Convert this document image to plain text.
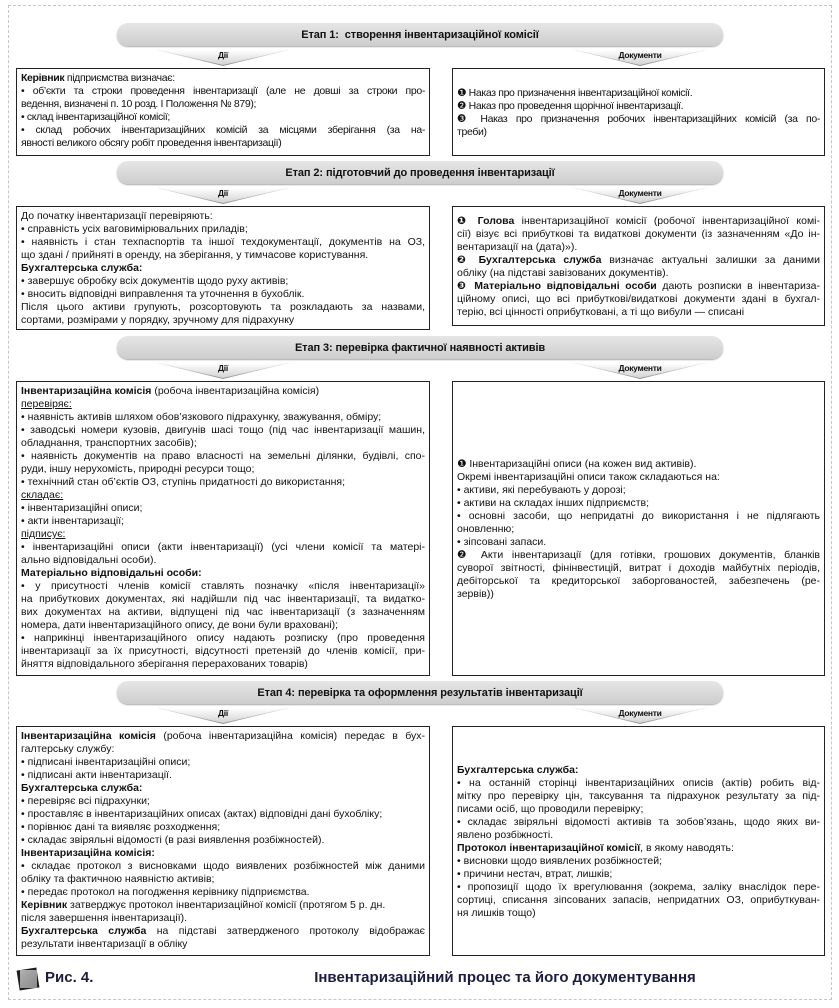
Етап 1:  створення інвентаризаційної комісії
Дії	Документи
Керівник підприємства визначає:
• об’єкти та строки проведення інвентаризації (але не довші за строки про-
ведення, визначені п. 10 розд. І Положення № 879);
• склад інвентаризаційної комісії;
• склад робочих інвентаризаційних комісій за місцями зберігання (за на-
явності великого обсягу робіт проведення інвентаризації)
❶ Наказ про призначення інвентаризаційної комісії.
❷ Наказ про проведення щорічної інвентаризації.
❸ Наказ про призначення робочих інвентаризаційних комісій (за по-
треби)
Етап 2: підготовчий до проведення інвентаризації
Дії	Документи
До початку інвентаризації перевіряють:
• справність усіх ваговимірювальних приладів;
• наявність і стан техпаспортів та іншої техдокументації, документів на ОЗ,
що здані / прийняті в оренду, на зберігання, у тимчасове користування.
Бухгалтерська служба:
• завершує обробку всіх документів щодо руху активів;
• вносить відповідні виправлення та уточнення в бухоблік.
Після цього активи групують, розсортовують та розкладають за назвами,
сортами, розмірами у порядку, зручному для підрахунку
❶ Голова інвентаризаційної комісії (робочої інвентаризаційної комі-
сії) візує всі прибуткові та видаткові документи (із зазначенням «До ін-
вентаризації на (дата)»).
❷ Бухгалтерська служба визначає актуальні залишки за даними
обліку (на підставі завізованих документів).
❸ Матеріально відповідальні особи дають розписки в інвентариза-
ційному описі, що всі прибуткові/видаткові документи здані в бухгал-
терію, всі цінності оприбутковані, а ті що вибули — списані
Етап 3: перевірка фактичної наявності активів
Дії	Документи
Інвентаризаційна комісія (робоча інвентаризаційна комісія)
перевіряє:
• наявність активів шляхом обов’язкового підрахунку, зважування, обміру;
• заводські номери кузовів, двигунів шасі тощо (під час інвентаризації машин,
обладнання, транспортних засобів);
• наявність документів на право власності на земельні ділянки, будівлі, спо-
руди, іншу нерухомість, природні ресурси тощо;
• технічний стан об’єктів ОЗ, ступінь придатності до використання;
складає:
• інвентаризаційні описи;
• акти інвентаризації;
підписує:
• інвентаризаційні описи (акти інвентаризації) (усі члени комісії та матері-
ально відповідальні особи).
Матеріально відповідальні особи:
• у присутності членів комісії ставлять позначку «після інвентаризації»
на прибуткових документах, які надійшли під час інвентаризації, та видатко-
вих документах на активи, відпущені під час інвентаризації (з зазначенням
номера, дати інвентаризаційного опису, де вони були враховані);
• наприкінці інвентаризаційного опису надають розписку (про проведення
інвентаризації за їх присутності, відсутності претензій до членів комісії, при-
йняття відповідального зберігання перерахованих товарів)
❶ Інвентаризаційні описи (на кожен вид активів).
Окремі інвентаризаційні описи також складаються на:
• активи, які перебувають у дорозі;
• активи на складах інших підприємств;
• основні засоби, що непридатні до використання і не підлягають
оновленню;
• зіпсовані запаси.
❷ Акти інвентаризації (для готівки, грошових документів, бланків
суворої звітності, фінінвестицій, витрат і доходів майбутніх періодів,
дебіторської та кредиторської заборгованостей, забезпечень (ре-
зервів))
Етап 4: перевірка та оформлення результатів інвентаризації
Дії	Документи
Інвентаризаційна комісія (робоча інвентаризаційна комісія) передає в бух-
галтерську службу:
• підписані інвентаризаційні описи;
• підписані акти інвентаризації.
Бухгалтерська служба:
• перевіряє всі підрахунки;
• проставляє в інвентаризаційних описах (актах) відповідні дані бухобліку;
• порівнює дані та виявляє розходження;
• складає звіряльні відомості (в разі виявлення розбіжностей).
Інвентаризаційна комісія:
• складає протокол з висновками щодо виявлених розбіжностей між даними
обліку та фактичною наявністю активів;
• передає протокол на погодження керівнику підприємства.
Керівник затверджує протокол інвентаризаційної комісії (протягом 5 р. дн.
після завершення інвентаризації).
Бухгалтерська служба на підставі затвердженого протоколу відображає
результати інвентаризації в обліку
Бухгалтерська служба:
• на останній сторінці інвентаризаційних описів (актів) робить від-
мітку про перевірку цін, таксування та підрахунок результату за під-
писами осіб, що проводили перевірку;
• складає звіряльні відомості активів та зобов’язань, щодо яких ви-
явлено розбіжності.
Протокол інвентаризаційної комісії, в якому наводять:
• висновки щодо виявлених розбіжностей;
• причини нестач, втрат, лишків;
• пропозиції щодо їх врегулювання (зокрема, заліку внаслідок пере-
сортиці, списання зіпсованих запасів, непридатних ОЗ, оприбуткуван-
ня лишків тощо)
Рис. 4.	Інвентаризаційний процес та його документування
